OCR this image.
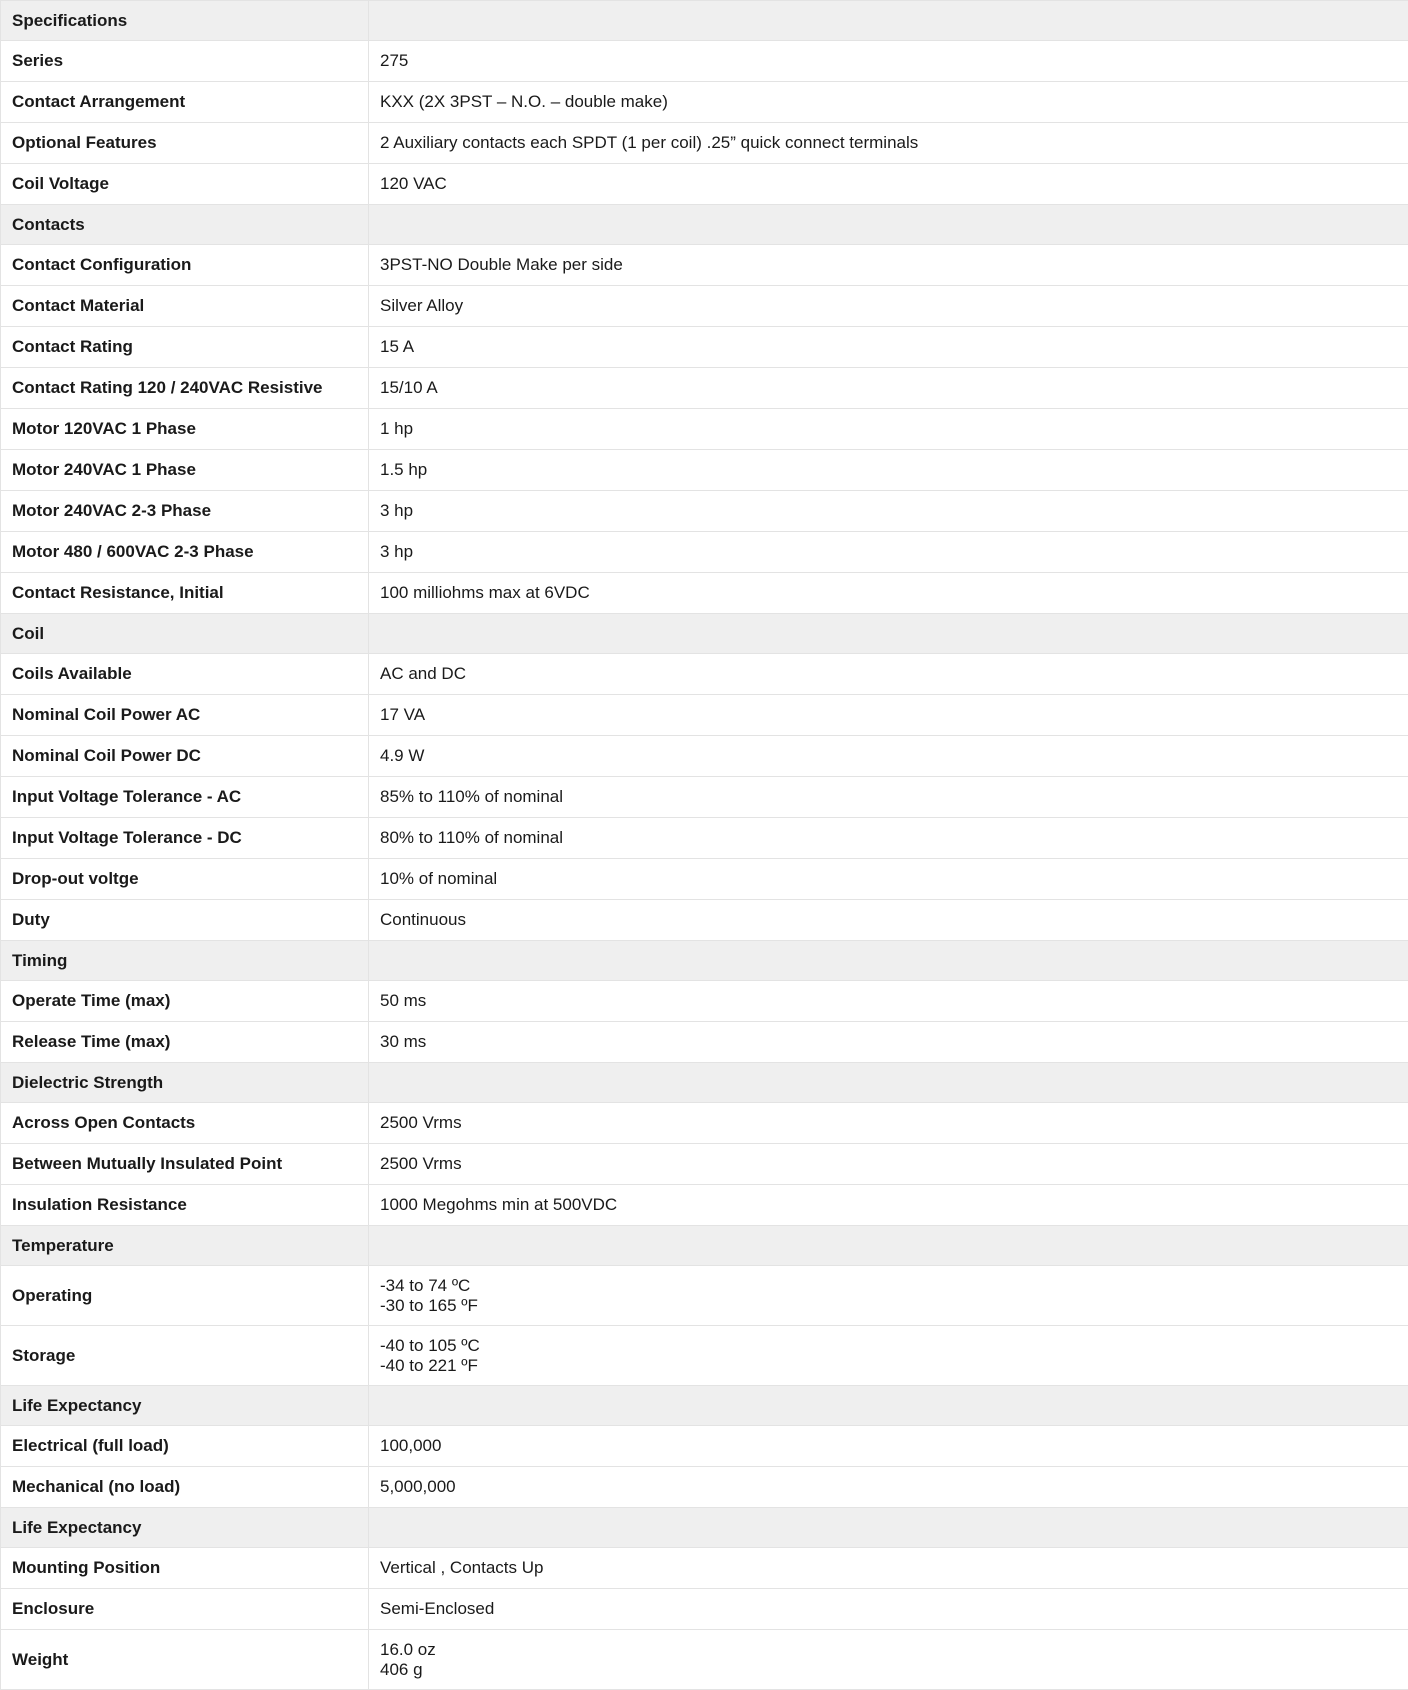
Specifications	
Series	275

Contact Arrangement	KXX (2X 3PST – N.O. – double make)

Optional Features	2 Auxiliary contacts each SPDT (1 per coil) .25” quick connect terminals

Coil Voltage	120 VAC

Contacts	
Contact Configuration	3PST-NO Double Make per side

Contact Material	Silver Alloy

Contact Rating	15 A

Contact Rating 120 / 240VAC Resistive	15/10 A

Motor 120VAC 1 Phase	1 hp

Motor 240VAC 1 Phase	1.5 hp

Motor 240VAC 2-3 Phase	3 hp

Motor 480 / 600VAC 2-3 Phase	3 hp

Contact Resistance, Initial	100 milliohms max at 6VDC

Coil	
Coils Available	AC and DC

Nominal Coil Power AC	17 VA

Nominal Coil Power DC	4.9 W

Input Voltage Tolerance - AC	85% to 110% of nominal

Input Voltage Tolerance - DC	80% to 110% of nominal

Drop-out voltge	10% of nominal

Duty	Continuous

Timing	
Operate Time (max)	50 ms

Release Time (max)	30 ms

Dielectric Strength	
Across Open Contacts	2500 Vrms

Between Mutually Insulated Point	2500 Vrms

Insulation Resistance	1000 Megohms min at 500VDC

Temperature	
Operating	-34 to 74 ºC
-30 to 165 ºF

Storage	-40 to 105 ºC
-40 to 221 ºF

Life Expectancy	
Electrical (full load)	100,000

Mechanical (no load)	5,000,000

Life Expectancy	
Mounting Position	Vertical , Contacts Up

Enclosure	Semi-Enclosed

Weight	16.0 oz
406 g
